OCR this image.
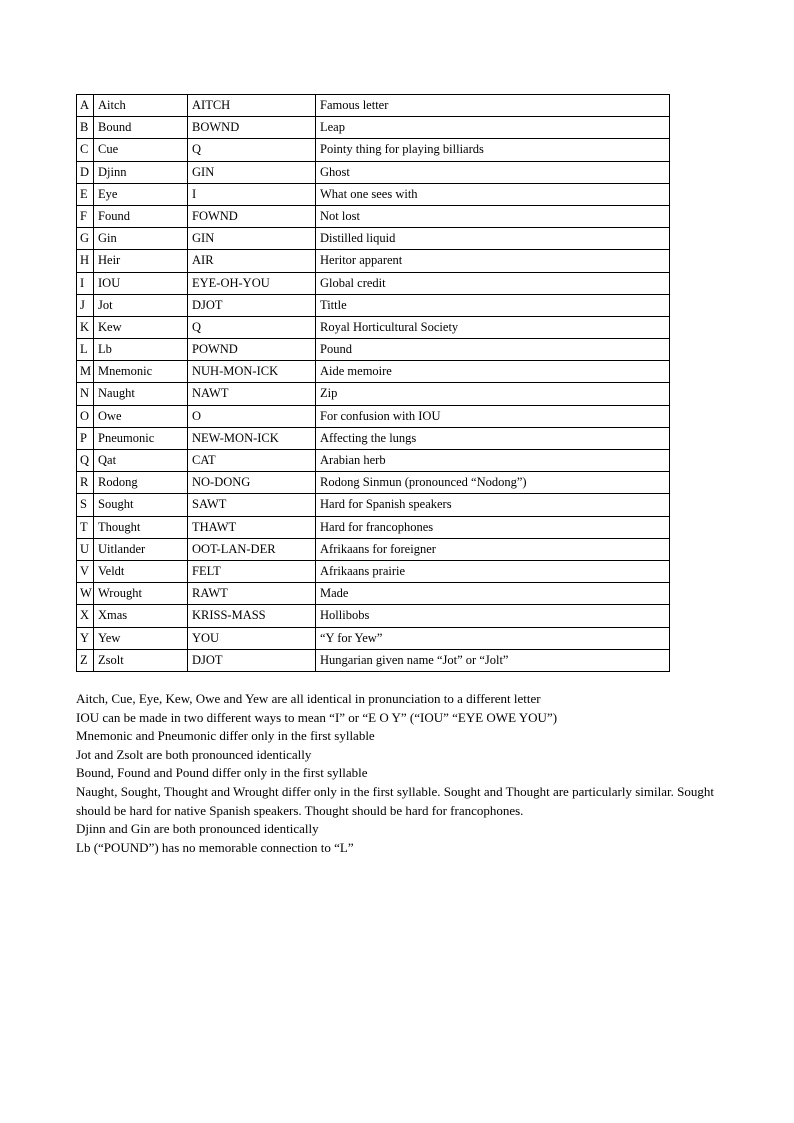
A	Aitch	AITCH	Famous letter
B	Bound	BOWND	Leap
C	Cue	Q	Pointy thing for playing billiards
D	Djinn	GIN	Ghost
E	Eye	I	What one sees with
F	Found	FOWND	Not lost
G	Gin	GIN	Distilled liquid
H	Heir	AIR	Heritor apparent
I	IOU	EYE-OH-YOU	Global credit
J	Jot	DJOT	Tittle
K	Kew	Q	Royal Horticultural Society
L	Lb	POWND	Pound
M	Mnemonic	NUH-MON-ICK	Aide memoire
N	Naught	NAWT	Zip
O	Owe	O	For confusion with IOU
P	Pneumonic	NEW-MON-ICK	Affecting the lungs
Q	Qat	CAT	Arabian herb
R	Rodong	NO-DONG	Rodong Sinmun (pronounced “Nodong”)
S	Sought	SAWT	Hard for Spanish speakers
T	Thought	THAWT	Hard for francophones
U	Uitlander	OOT-LAN-DER	Afrikaans for foreigner
V	Veldt	FELT	Afrikaans prairie
W	Wrought	RAWT	Made
X	Xmas	KRISS-MASS	Hollibobs
Y	Yew	YOU	“Y for Yew”
Z	Zsolt	DJOT	Hungarian given name “Jot” or “Jolt”

Aitch, Cue, Eye, Kew, Owe and Yew are all identical in pronunciation to a different letter

IOU can be made in two different ways to mean “I” or “E O Y” (“IOU” “EYE OWE YOU”)

Mnemonic and Pneumonic differ only in the first syllable

Jot and Zsolt are both pronounced identically

Bound, Found and Pound differ only in the first syllable

Naught, Sought, Thought and Wrought differ only in the first syllable. Sought and Thought are particularly similar. Sought should be hard for native Spanish speakers. Thought should be hard for francophones.

Djinn and Gin are both pronounced identically

Lb (“POUND”) has no memorable connection to “L”
